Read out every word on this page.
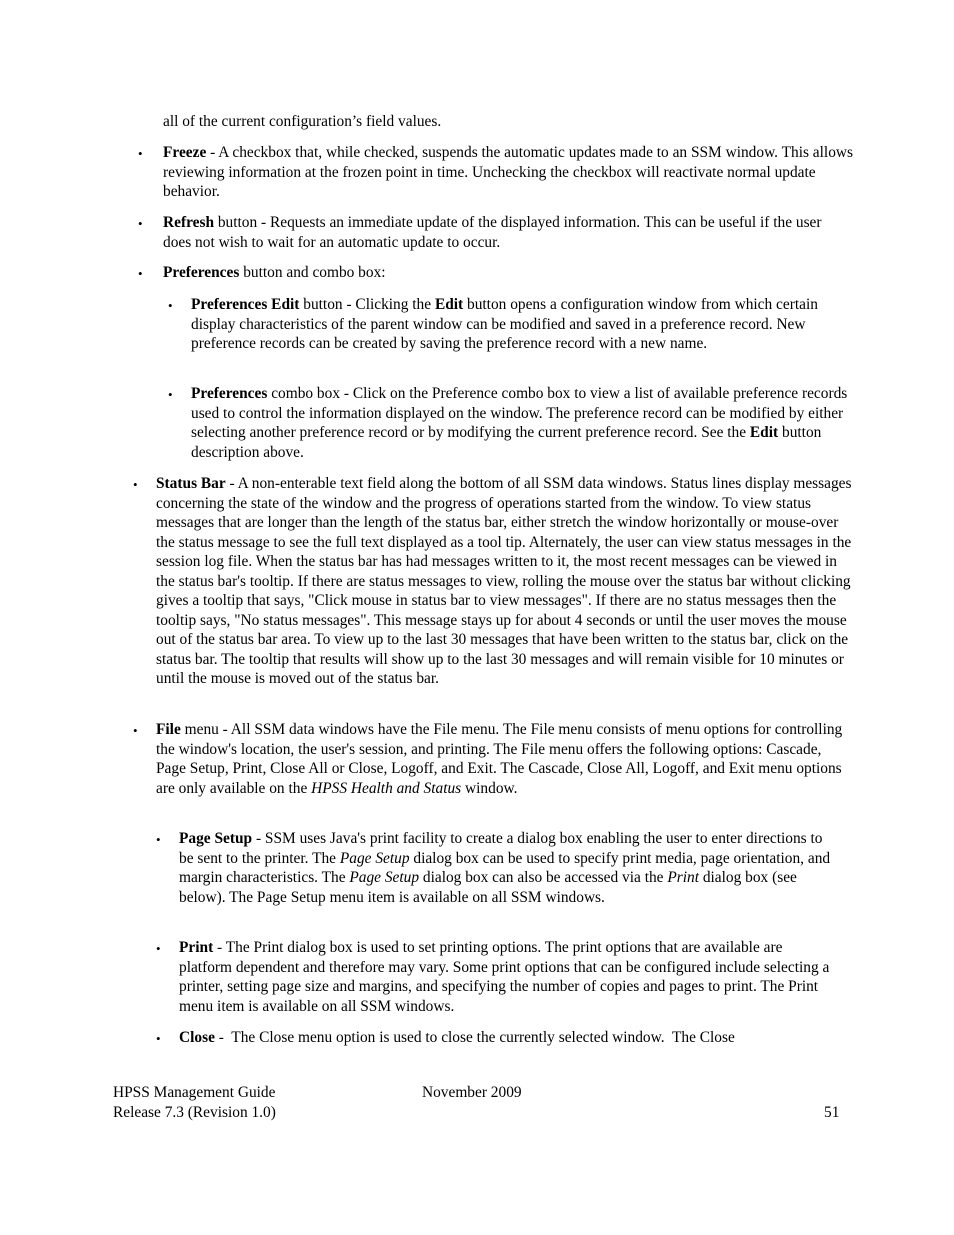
all of the current configuration’s field values.

• Freeze - A checkbox that, while checked, suspends the automatic updates made to an SSM window. This allows reviewing information at the frozen point in time. Unchecking the checkbox will reactivate normal update behavior.

• Refresh button - Requests an immediate update of the displayed information. This can be useful if the user does not wish to wait for an automatic update to occur.

• Preferences button and combo box:

• Preferences Edit button - Clicking the Edit button opens a configuration window from which certain display characteristics of the parent window can be modified and saved in a preference record. New preference records can be created by saving the preference record with a new name.

• Preferences combo box - Click on the Preference combo box to view a list of available preference records used to control the information displayed on the window. The preference record can be modified by either selecting another preference record or by modifying the current preference record. See the Edit button description above.

• Status Bar - A non-enterable text field along the bottom of all SSM data windows. Status lines display messages concerning the state of the window and the progress of operations started from the window. To view status messages that are longer than the length of the status bar, either stretch the window horizontally or mouse-over the status message to see the full text displayed as a tool tip. Alternately, the user can view status messages in the session log file. When the status bar has had messages written to it, the most recent messages can be viewed in the status bar's tooltip. If there are status messages to view, rolling the mouse over the status bar without clicking gives a tooltip that says, "Click mouse in status bar to view messages". If there are no status messages then the tooltip says, "No status messages". This message stays up for about 4 seconds or until the user moves the mouse out of the status bar area. To view up to the last 30 messages that have been written to the status bar, click on the status bar. The tooltip that results will show up to the last 30 messages and will remain visible for 10 minutes or until the mouse is moved out of the status bar.

• File menu - All SSM data windows have the File menu. The File menu consists of menu options for controlling the window's location, the user's session, and printing. The File menu offers the following options: Cascade, Page Setup, Print, Close All or Close, Logoff, and Exit. The Cascade, Close All, Logoff, and Exit menu options are only available on the HPSS Health and Status window.

• Page Setup - SSM uses Java's print facility to create a dialog box enabling the user to enter directions to be sent to the printer. The Page Setup dialog box can be used to specify print media, page orientation, and margin characteristics. The Page Setup dialog box can also be accessed via the Print dialog box (see below). The Page Setup menu item is available on all SSM windows.

• Print - The Print dialog box is used to set printing options. The print options that are available are platform dependent and therefore may vary. Some print options that can be configured include selecting a printer, setting page size and margins, and specifying the number of copies and pages to print. The Print menu item is available on all SSM windows.

• Close -  The Close menu option is used to close the currently selected window.  The Close

HPSS Management Guide	November 2009

Release 7.3 (Revision 1.0)	51
